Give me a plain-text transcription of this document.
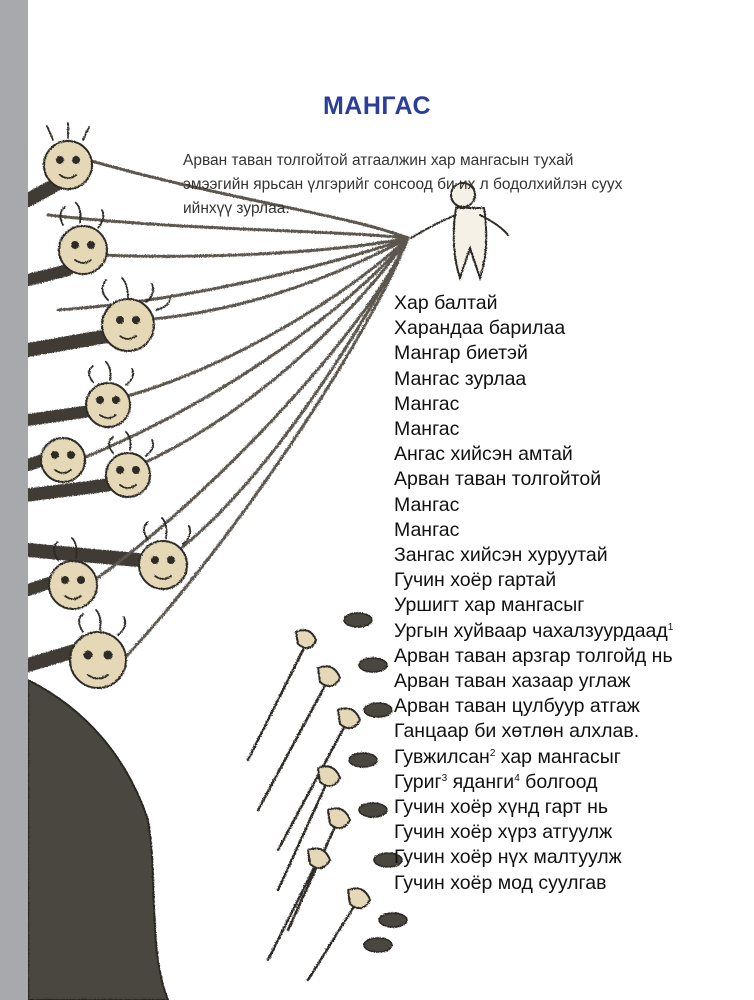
МАНГАС

Арван таван толгойтой атгаалжин хар мангасын тухай эмээгийн ярьсан үлгэрийг сонсоод би их л бодолхийлэн суух ийнхүү зурлаа.

Хар балтай
Харандаа барилаа
Мангар биетэй
Мангас зурлаа
Мангас
Мангас
Ангас хийсэн амтай
Арван таван толгойтой
Мангас
Мангас
Зангас хийсэн хуруутай
Гучин хоёр гартай
Уршигт хар мангасыг
Ургын хуйваар чахалзуурдаад$^1$
Арван таван арзгар толгойд нь
Арван таван хазаар углаж
Арван таван цулбуур атгаж
Ганцаар би хөтлөн алхлав.
Гувжилсан$^2$ хар мангасыг
Гуриг$^3$ яданги$^4$ болгоод
Гучин хоёр хүнд гарт нь
Гучин хоёр хүрз атгуулж
Гучин хоёр нүх малтуулж
Гучин хоёр мод суулгав
